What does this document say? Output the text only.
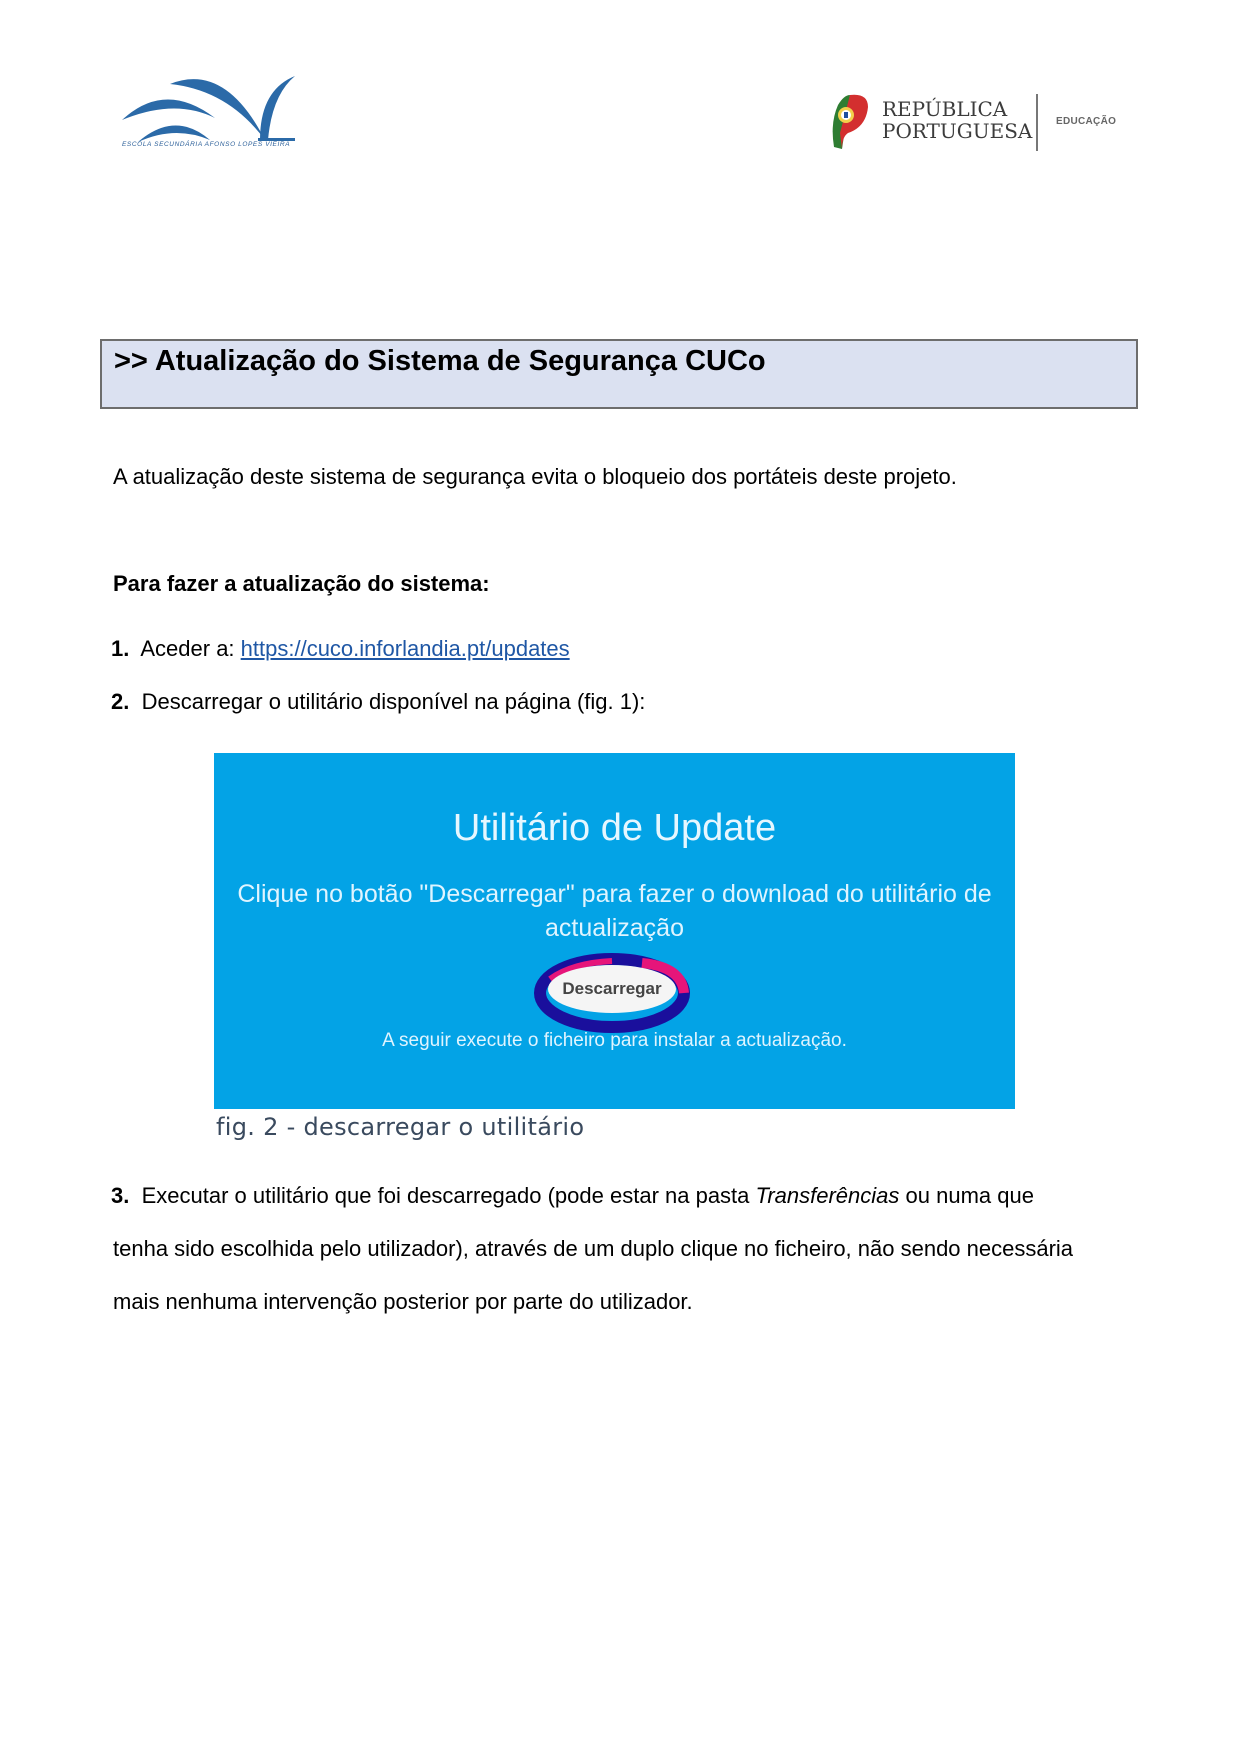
ESCOLA SECUNDÁRIA AFONSO LOPES VIEIRA
REPÚBLICA
PORTUGUESA EDUCAÇÃO
>> Atualização do Sistema de Segurança CUCo
A atualização deste sistema de segurança evita o bloqueio dos portáteis deste projeto.
Para fazer a atualização do sistema:
1. Aceder a: https://cuco.inforlandia.pt/updates
2. Descarregar o utilitário disponível na página (fig. 1):
Utilitário de Update
Clique no botão "Descarregar" para fazer o download do utilitário de
actualização
Descarregar
A seguir execute o ficheiro para instalar a actualização.
fig. 2 - descarregar o utilitário
3. Executar o utilitário que foi descarregado (pode estar na pasta Transferências ou numa que
tenha sido escolhida pelo utilizador), através de um duplo clique no ficheiro, não sendo necessária
mais nenhuma intervenção posterior por parte do utilizador.
